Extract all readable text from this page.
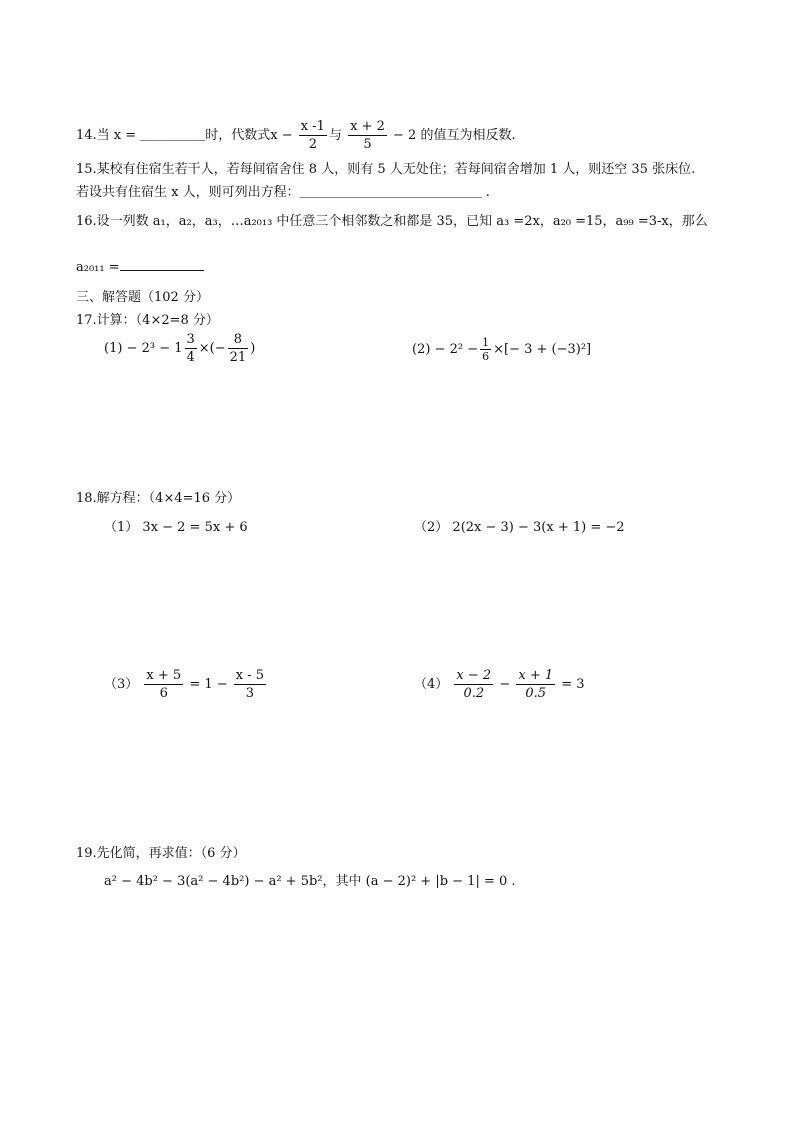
14.当 x = ＿＿＿＿＿时，代数式$x - \frac{x -1}{2}$ 与 $\frac{x + 2}{5} - 2$ 的值互为相反数.
15.某校有住宿生若干人，若每间宿舍住 8 人，则有 5 人无处住；若每间宿舍增加 1 人，则还空 35 张床位.
若设共有住宿生 x 人，则可列出方程：＿＿＿＿＿＿＿＿＿＿＿＿＿＿ .
16.设一列数 a₁，a₂，a₃，…a₂₀₁₃ 中任意三个相邻数之和都是 35，已知 a₃ =2x，a₂₀ =15，a₉₉ =3-x，那么
a₂₀₁₁ =
三、解答题（102 分）
17.计算：（4×2=8 分）
$(1) - 2^3 - 1 \frac{3}{4}$ ×(− $\frac{8}{21}$ )	$(2) - 2^2 - \frac{1}{6}$ ×[− 3 + (−3)²]
18.解方程：（4×4=16 分）
（1） 3x − 2 = 5x + 6	（2） 2(2x − 3) − 3(x + 1) = −2
$(3) \frac{x + 5}{6} = 1 - \frac{x - 5}{3}$	$(4) \frac{x - 2}{0.2} - \frac{x + 1}{0.5} = 3$
19.先化简，再求值：（6 分）
a² − 4b² − 3(a² − 4b²) − a² + 5b²，其中 (a − 2)² + |b − 1| = 0 .
